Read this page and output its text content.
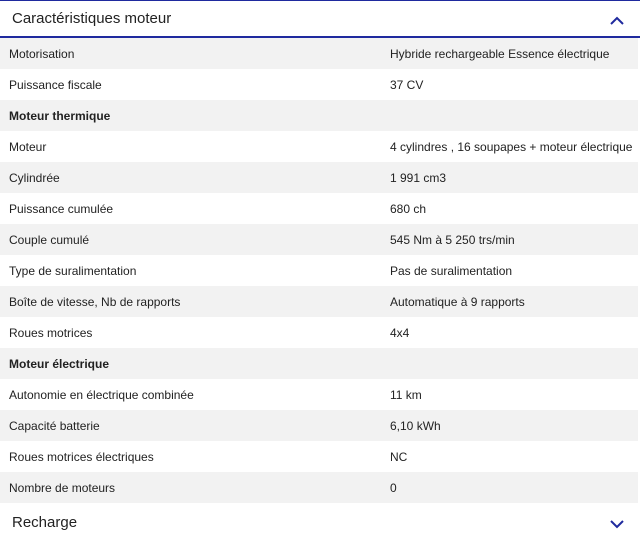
Caractéristiques moteur
Motorisation	Hybride rechargeable Essence électrique
Puissance fiscale	37 CV
Moteur thermique	
Moteur	4 cylindres , 16 soupapes + moteur électrique
Cylindrée	1 991 cm3
Puissance cumulée	680 ch
Couple cumulé	545 Nm à 5 250 trs/min
Type de suralimentation	Pas de suralimentation
Boîte de vitesse, Nb de rapports	Automatique à 9 rapports
Roues motrices	4x4
Moteur électrique	
Autonomie en électrique combinée	11 km
Capacité batterie	6,10 kWh
Roues motrices électriques	NC
Nombre de moteurs	0
Recharge
